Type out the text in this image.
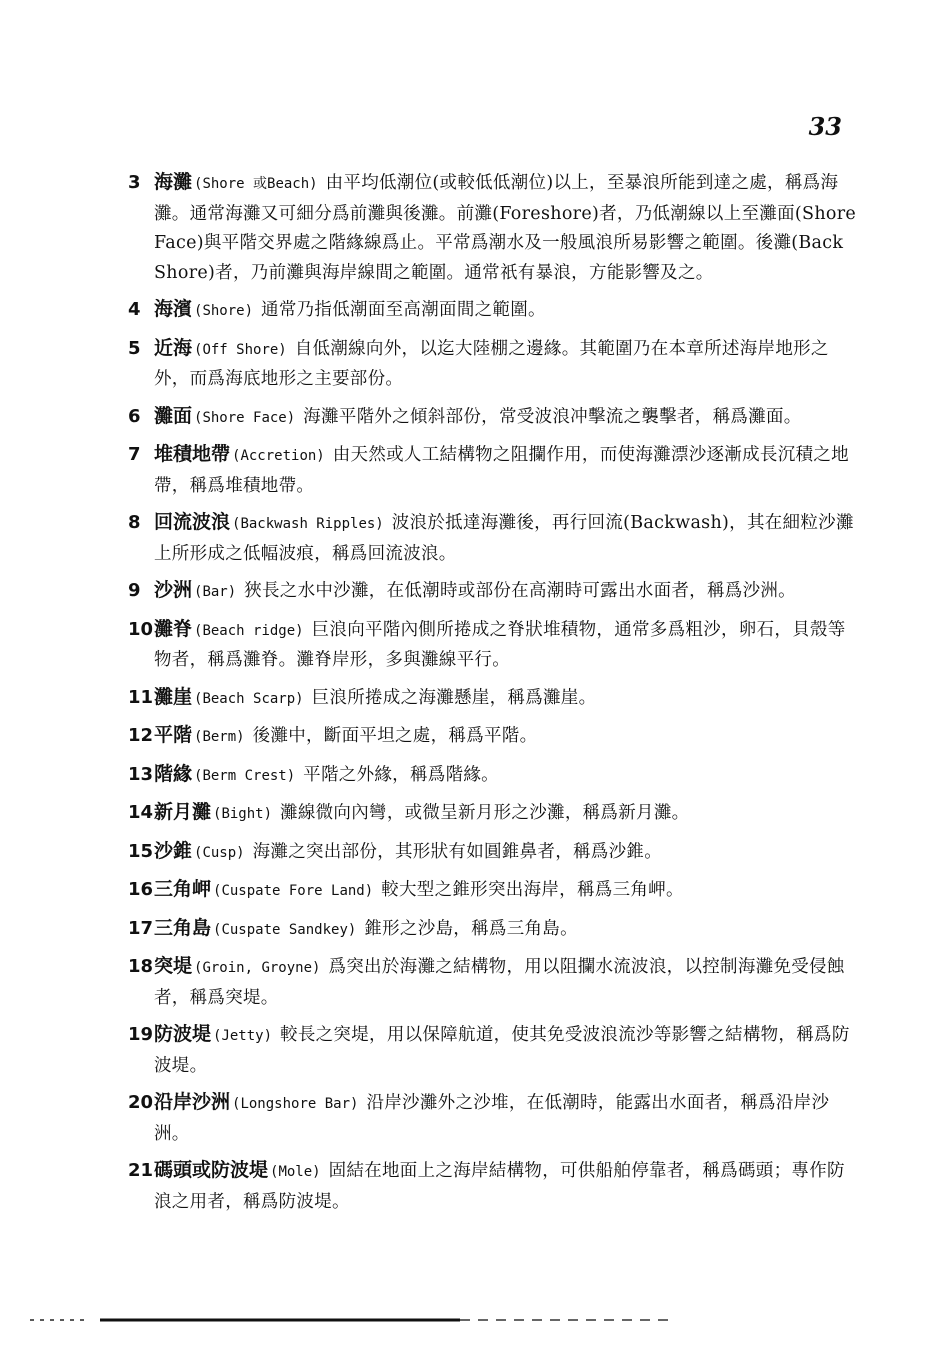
33
3 海灘 (Shore 或Beach) 由平均低潮位(或較低低潮位)以上，至暴浪所能到達之處，稱爲海灘。通常海灘又可細分爲前灘與後灘。前灘(Foreshore)者，乃低潮線以上至灘面(Shore Face)與平階交界處之階緣線爲止。平常爲潮水及一般風浪所易影響之範圍。後灘(Back Shore)者，乃前灘與海岸線間之範圍。通常祇有暴浪，方能影響及之。
4 海濱 (Shore) 通常乃指低潮面至高潮面間之範圍。
5 近海 (Off Shore) 自低潮線向外，以迄大陸棚之邊緣。其範圍乃在本章所述海岸地形之外，而爲海底地形之主要部份。
6 灘面 (Shore Face) 海灘平階外之傾斜部份，常受波浪冲擊流之襲擊者，稱爲灘面。
7 堆積地帶 (Accretion) 由天然或人工結構物之阻攔作用，而使海灘漂沙逐漸成長沉積之地帶，稱爲堆積地帶。
8 回流波浪 (Backwash Ripples) 波浪於抵達海灘後，再行回流(Backwash)，其在細粒沙灘上所形成之低幅波痕，稱爲回流波浪。
9 沙洲 (Bar) 狹長之水中沙灘，在低潮時或部份在高潮時可露出水面者，稱爲沙洲。
10 灘脊 (Beach ridge) 巨浪向平階內側所捲成之脊狀堆積物，通常多爲粗沙，卵石，貝殼等物者，稱爲灘脊。灘脊岸形，多與灘線平行。
11 灘崖 (Beach Scarp) 巨浪所捲成之海灘懸崖，稱爲灘崖。
12 平階 (Berm) 後灘中，斷面平坦之處，稱爲平階。
13 階緣 (Berm Crest) 平階之外緣，稱爲階緣。
14 新月灘 (Bight) 灘線微向內彎，或微呈新月形之沙灘，稱爲新月灘。
15 沙錐 (Cusp) 海灘之突出部份，其形狀有如圓錐鼻者，稱爲沙錐。
16 三角岬 (Cuspate Fore Land) 較大型之錐形突出海岸，稱爲三角岬。
17 三角島 (Cuspate Sandkey) 錐形之沙島，稱爲三角島。
18 突堤 (Groin, Groyne) 爲突出於海灘之結構物，用以阻攔水流波浪，以控制海灘免受侵蝕者，稱爲突堤。
19 防波堤 (Jetty) 較長之突堤，用以保障航道，使其免受波浪流沙等影響之結構物，稱爲防波堤。
20 沿岸沙洲 (Longshore Bar) 沿岸沙灘外之沙堆，在低潮時，能露出水面者，稱爲沿岸沙洲。
21 碼頭或防波堤 (Mole) 固結在地面上之海岸結構物，可供船舶停靠者，稱爲碼頭；專作防浪之用者，稱爲防波堤。
